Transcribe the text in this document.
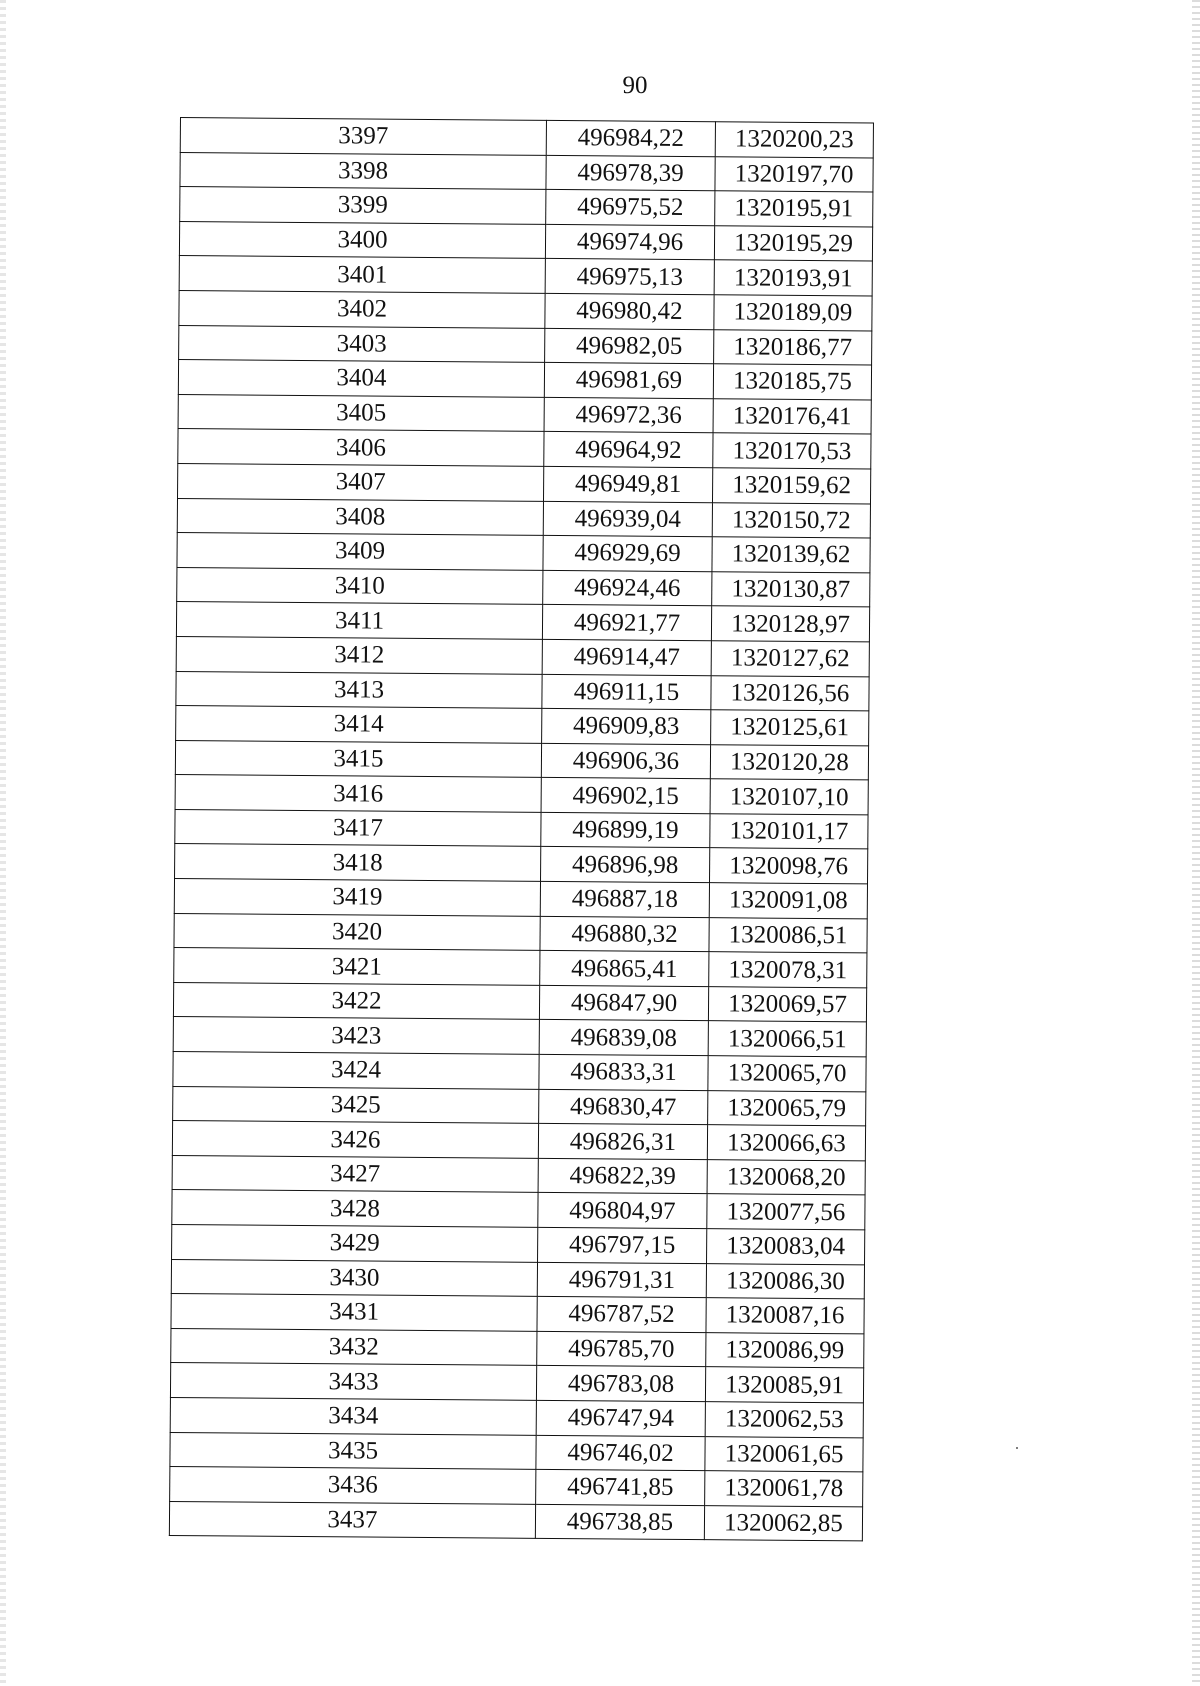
90
3397	496984,22	1320200,23
3398	496978,39	1320197,70
3399	496975,52	1320195,91
3400	496974,96	1320195,29
3401	496975,13	1320193,91
3402	496980,42	1320189,09
3403	496982,05	1320186,77
3404	496981,69	1320185,75
3405	496972,36	1320176,41
3406	496964,92	1320170,53
3407	496949,81	1320159,62
3408	496939,04	1320150,72
3409	496929,69	1320139,62
3410	496924,46	1320130,87
3411	496921,77	1320128,97
3412	496914,47	1320127,62
3413	496911,15	1320126,56
3414	496909,83	1320125,61
3415	496906,36	1320120,28
3416	496902,15	1320107,10
3417	496899,19	1320101,17
3418	496896,98	1320098,76
3419	496887,18	1320091,08
3420	496880,32	1320086,51
3421	496865,41	1320078,31
3422	496847,90	1320069,57
3423	496839,08	1320066,51
3424	496833,31	1320065,70
3425	496830,47	1320065,79
3426	496826,31	1320066,63
3427	496822,39	1320068,20
3428	496804,97	1320077,56
3429	496797,15	1320083,04
3430	496791,31	1320086,30
3431	496787,52	1320087,16
3432	496785,70	1320086,99
3433	496783,08	1320085,91
3434	496747,94	1320062,53
3435	496746,02	1320061,65
3436	496741,85	1320061,78
3437	496738,85	1320062,85
